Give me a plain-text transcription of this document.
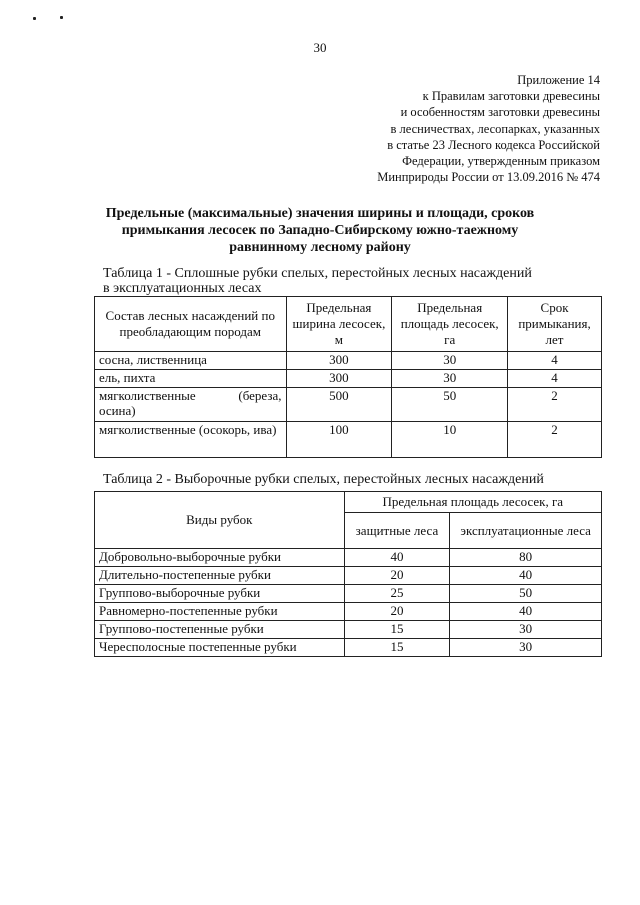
30
Приложение 14
к Правилам заготовки древесины
и особенностям заготовки древесины
в лесничествах, лесопарках, указанных
в статье 23 Лесного кодекса Российской
Федерации, утвержденным приказом
Минприроды России от 13.09.2016 № 474
Предельные (максимальные) значения ширины и площади, сроков
примыкания лесосек по Западно-Сибирскому южно-таежному
равнинному лесному району
Таблица 1 - Сплошные рубки спелых, перестойных лесных насаждений
в эксплуатационных лесах
Состав лесных насаждений по преобладающим породам	Предельная ширина лесосек, м	Предельная площадь лесосек, га	Срок примыкания, лет
сосна, лиственница	300	30	4
ель, пихта	300	30	4
мягколиственные (береза, осина)	500	50	2
мягколиственные (осокорь, ива)	100	10	2
Таблица 2 - Выборочные рубки спелых, перестойных лесных насаждений
Виды рубок	Предельная площадь лесосек, га	
	защитные леса	эксплуатационные леса
Добровольно-выборочные рубки	40	80
Длительно-постепенные рубки	20	40
Группово-выборочные рубки	25	50
Равномерно-постепенные рубки	20	40
Группово-постепенные рубки	15	30
Чересполосные постепенные рубки	15	30
